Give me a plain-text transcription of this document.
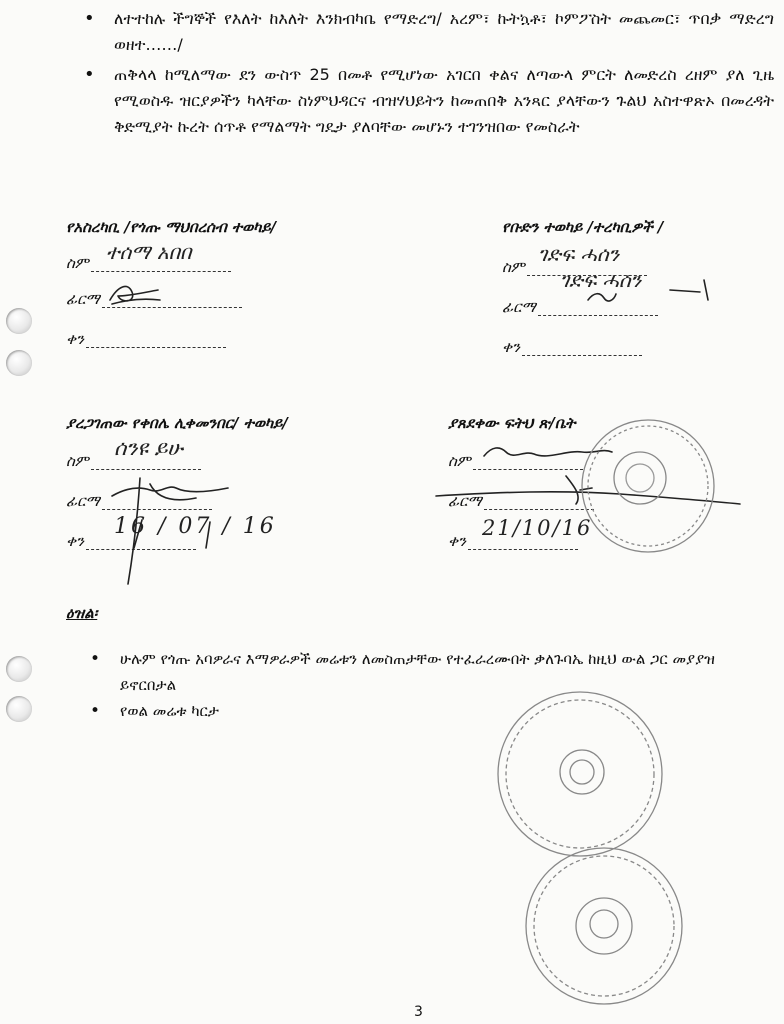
• ለተተከሉ ችግኞች የእለት ከእለት እንክብካቤ የማድረግ/ አረም፣ ኩትኳቶ፣ ኮምፖስት መጨመር፣ ጥበቃ ማድረግ ወዘተ……/
• ጠቅላላ ከሚለማው ደን ውስጥ 25 በመቶ የሚሆነው አገርበ ቀልና ለጣውላ ምርት ለመድረስ ረዘም ያለ ጊዜ የሚወስዱ ዝርያዎችን ካላቸው ስነምህዳርና ብዝሃህይትን ከመጠበቅ አንጻር ያላቸውን ጉልህ አስተዋጽኦ በመረዳት ቅድሚያት ኩረት ሰጥቶ የማልማት ግዴታ ያለባቸው መሆኑን ተገንዝበው የመስራት
የአስረካቢ /የጎጡ ማህበረሰብ ተወካይ/
ስም ተሰማ አበበ
ፊርማ
ቀን
የቡድን ተወካይ /ተረካቢዎች /
ስም
ገድፍ ሓሰን
ገድፍ ሓሰን
ፊርማ
ቀን
ያረጋገጠው የቀበሌ ሊቀመንበር/ ተወካይ/
ስም
ሰንዩ ይሁ
ፊርማ
ቀን
16 / 07 / 16
ያጸደቀው ፍትህ ጽ/ቤት
ስም
ፊርማ
ቀን
21/10/16
ዕዝል፡
• ሁሉም የጎጡ አባዎራና እማዎራዎች መሬቱን ለመስጠታቸው የተፈራረሙበት ቃለጉባኤ ከዚህ ውል ጋር መያያዝ ይኖርበታል
• የወል መሬቱ ካርታ
3
